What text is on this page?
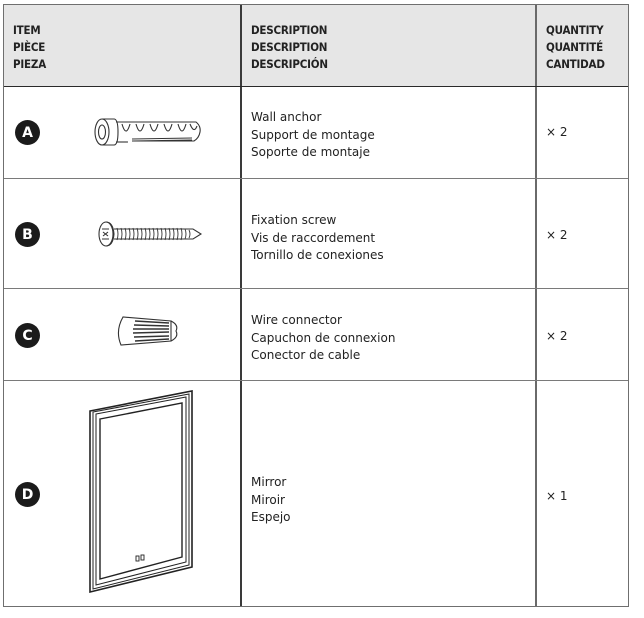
ITEM
PIÈCE
PIEZA
DESCRIPTION
DESCRIPTION
DESCRIPCIÓN
QUANTITY
QUANTITÉ
CANTIDAD
A
Wall anchor
Support de montage
Soporte de montaje
× 2
B
Fixation screw
Vis de raccordement
Tornillo de conexiones
× 2
C
Wire connector
Capuchon de connexion
Conector de cable
× 2
D
Mirror
Miroir
Espejo
× 1
